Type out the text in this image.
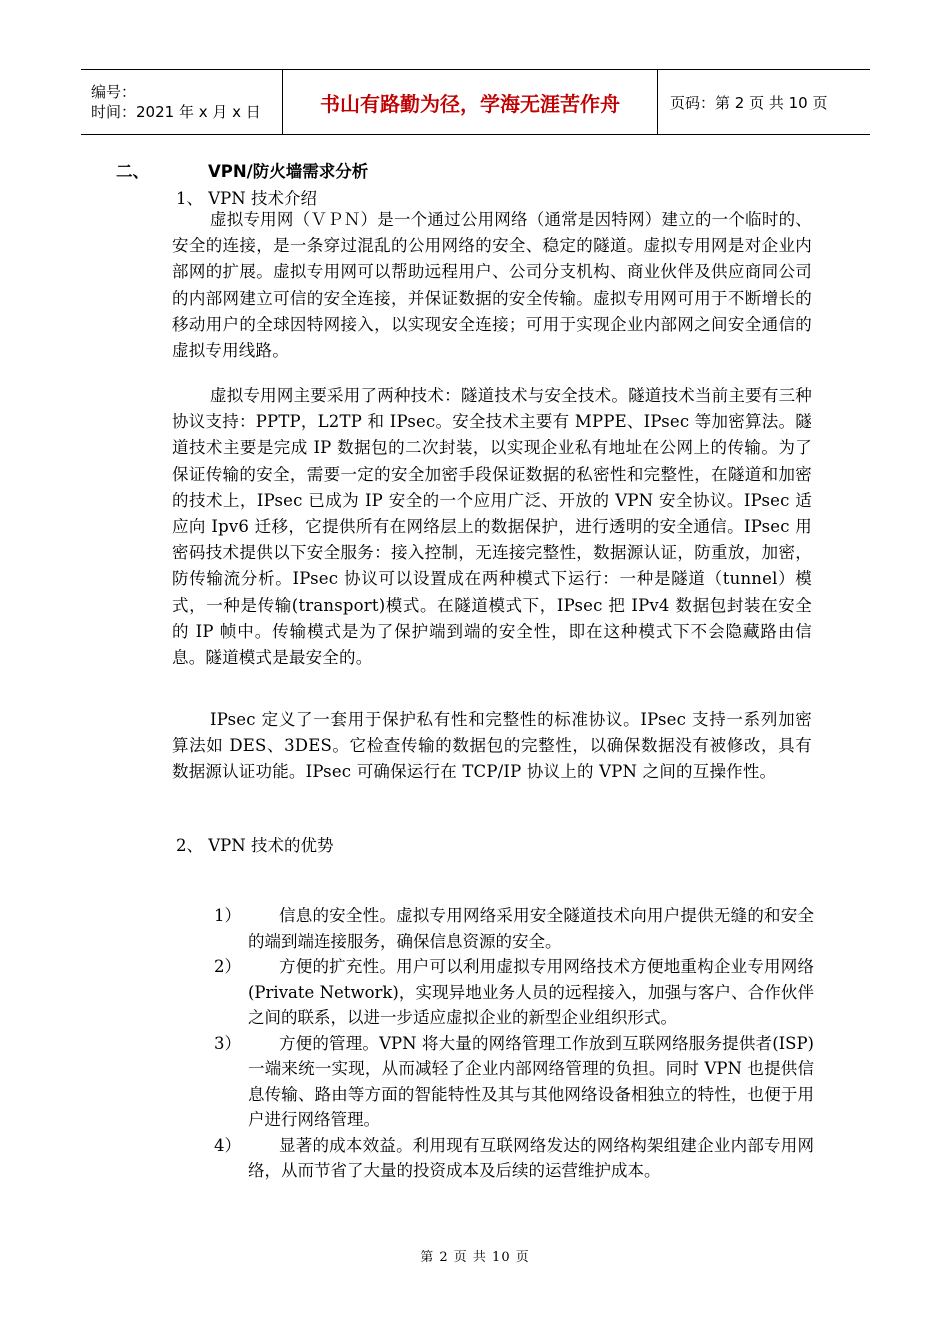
编号：
时间：2021 年 x 月 x 日	书山有路勤为径，学海无涯苦作舟	页码：第 2 页 共 10 页
二、	VPN/防火墙需求分析
1、 VPN 技术介绍
虚拟专用网（ＶＰＮ）是一个通过公用网络（通常是因特网）建立的一个临时的、安全的连接，是一条穿过混乱的公用网络的安全、稳定的隧道。虚拟专用网是对企业内部网的扩展。虚拟专用网可以帮助远程用户、公司分支机构、商业伙伴及供应商同公司的内部网建立可信的安全连接，并保证数据的安全传输。虚拟专用网可用于不断增长的移动用户的全球因特网接入，以实现安全连接；可用于实现企业内部网之间安全通信的虚拟专用线路。
虚拟专用网主要采用了两种技术：隧道技术与安全技术。隧道技术当前主要有三种协议支持：PPTP，L2TP 和 IPsec。安全技术主要有 MPPE、IPsec 等加密算法。隧道技术主要是完成 IP 数据包的二次封装，以实现企业私有地址在公网上的传输。为了保证传输的安全，需要一定的安全加密手段保证数据的私密性和完整性，在隧道和加密的技术上，IPsec 已成为 IP 安全的一个应用广泛、开放的 VPN 安全协议。IPsec 适应向 Ipv6 迁移，它提供所有在网络层上的数据保护，进行透明的安全通信。IPsec 用密码技术提供以下安全服务：接入控制，无连接完整性，数据源认证，防重放，加密，防传输流分析。IPsec 协议可以设置成在两种模式下运行：一种是隧道（tunnel）模式，一种是传输(transport)模式。在隧道模式下，IPsec 把 IPv4 数据包封装在安全的 IP 帧中。传输模式是为了保护端到端的安全性，即在这种模式下不会隐藏路由信息。隧道模式是最安全的。
IPsec 定义了一套用于保护私有性和完整性的标准协议。IPsec 支持一系列加密算法如 DES、3DES。它检查传输的数据包的完整性，以确保数据没有被修改，具有数据源认证功能。IPsec 可确保运行在 TCP/IP 协议上的 VPN 之间的互操作性。
2、 VPN 技术的优势
1）	信息的安全性。虚拟专用网络采用安全隧道技术向用户提供无缝的和安全的端到端连接服务，确保信息资源的安全。
2）	方便的扩充性。用户可以利用虚拟专用网络技术方便地重构企业专用网络(Private Network)，实现异地业务人员的远程接入，加强与客户、合作伙伴之间的联系，以进一步适应虚拟企业的新型企业组织形式。
3）	方便的管理。VPN 将大量的网络管理工作放到互联网络服务提供者(ISP)一端来统一实现，从而减轻了企业内部网络管理的负担。同时 VPN 也提供信息传输、路由等方面的智能特性及其与其他网络设备相独立的特性，也便于用户进行网络管理。
4）	显著的成本效益。利用现有互联网络发达的网络构架组建企业内部专用网络，从而节省了大量的投资成本及后续的运营维护成本。
第 2 页 共 10 页
